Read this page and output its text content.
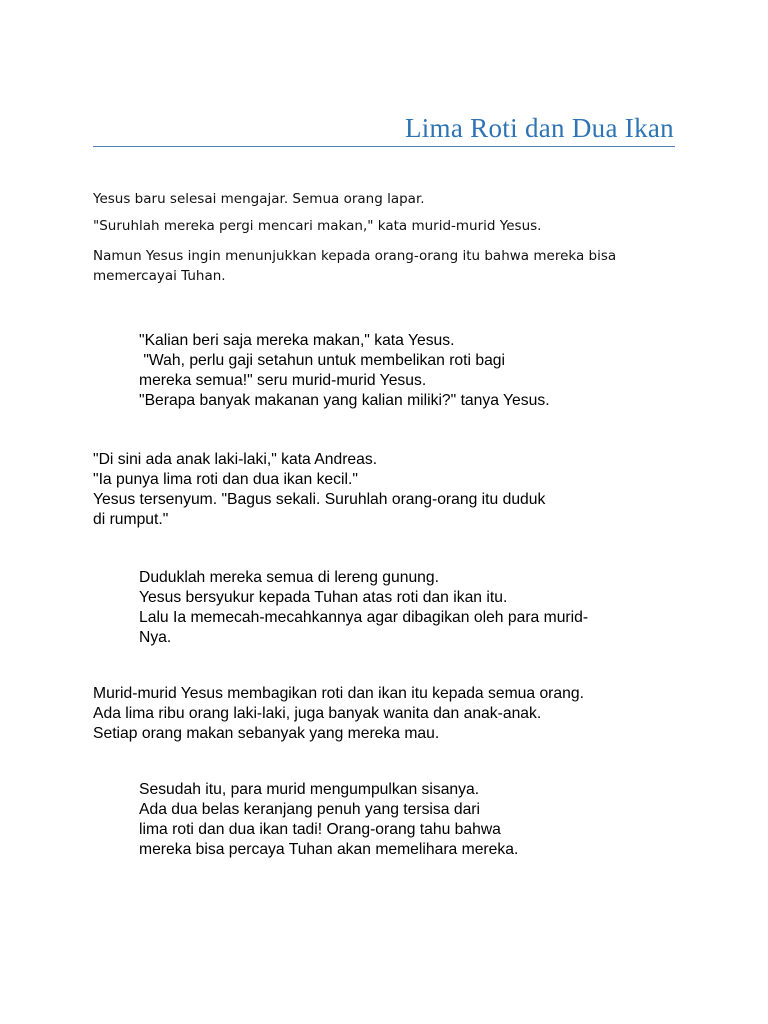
Lima Roti dan Dua Ikan
Yesus baru selesai mengajar. Semua orang lapar.
"Suruhlah mereka pergi mencari makan," kata murid-murid Yesus.
Namun Yesus ingin menunjukkan kepada orang-orang itu bahwa mereka bisa
memercayai Tuhan.
"Kalian beri saja mereka makan," kata Yesus.
"Wah, perlu gaji setahun untuk membelikan roti bagi
mereka semua!" seru murid-murid Yesus.
"Berapa banyak makanan yang kalian miliki?" tanya Yesus.
"Di sini ada anak laki-laki," kata Andreas.
"Ia punya lima roti dan dua ikan kecil."
Yesus tersenyum. "Bagus sekali. Suruhlah orang-orang itu duduk
di rumput."
Duduklah mereka semua di lereng gunung.
Yesus bersyukur kepada Tuhan atas roti dan ikan itu.
Lalu Ia memecah-mecahkannya agar dibagikan oleh para murid-
Nya.
Murid-murid Yesus membagikan roti dan ikan itu kepada semua orang.
Ada lima ribu orang laki-laki, juga banyak wanita dan anak-anak.
Setiap orang makan sebanyak yang mereka mau.
Sesudah itu, para murid mengumpulkan sisanya.
Ada dua belas keranjang penuh yang tersisa dari
lima roti dan dua ikan tadi! Orang-orang tahu bahwa
mereka bisa percaya Tuhan akan memelihara mereka.
